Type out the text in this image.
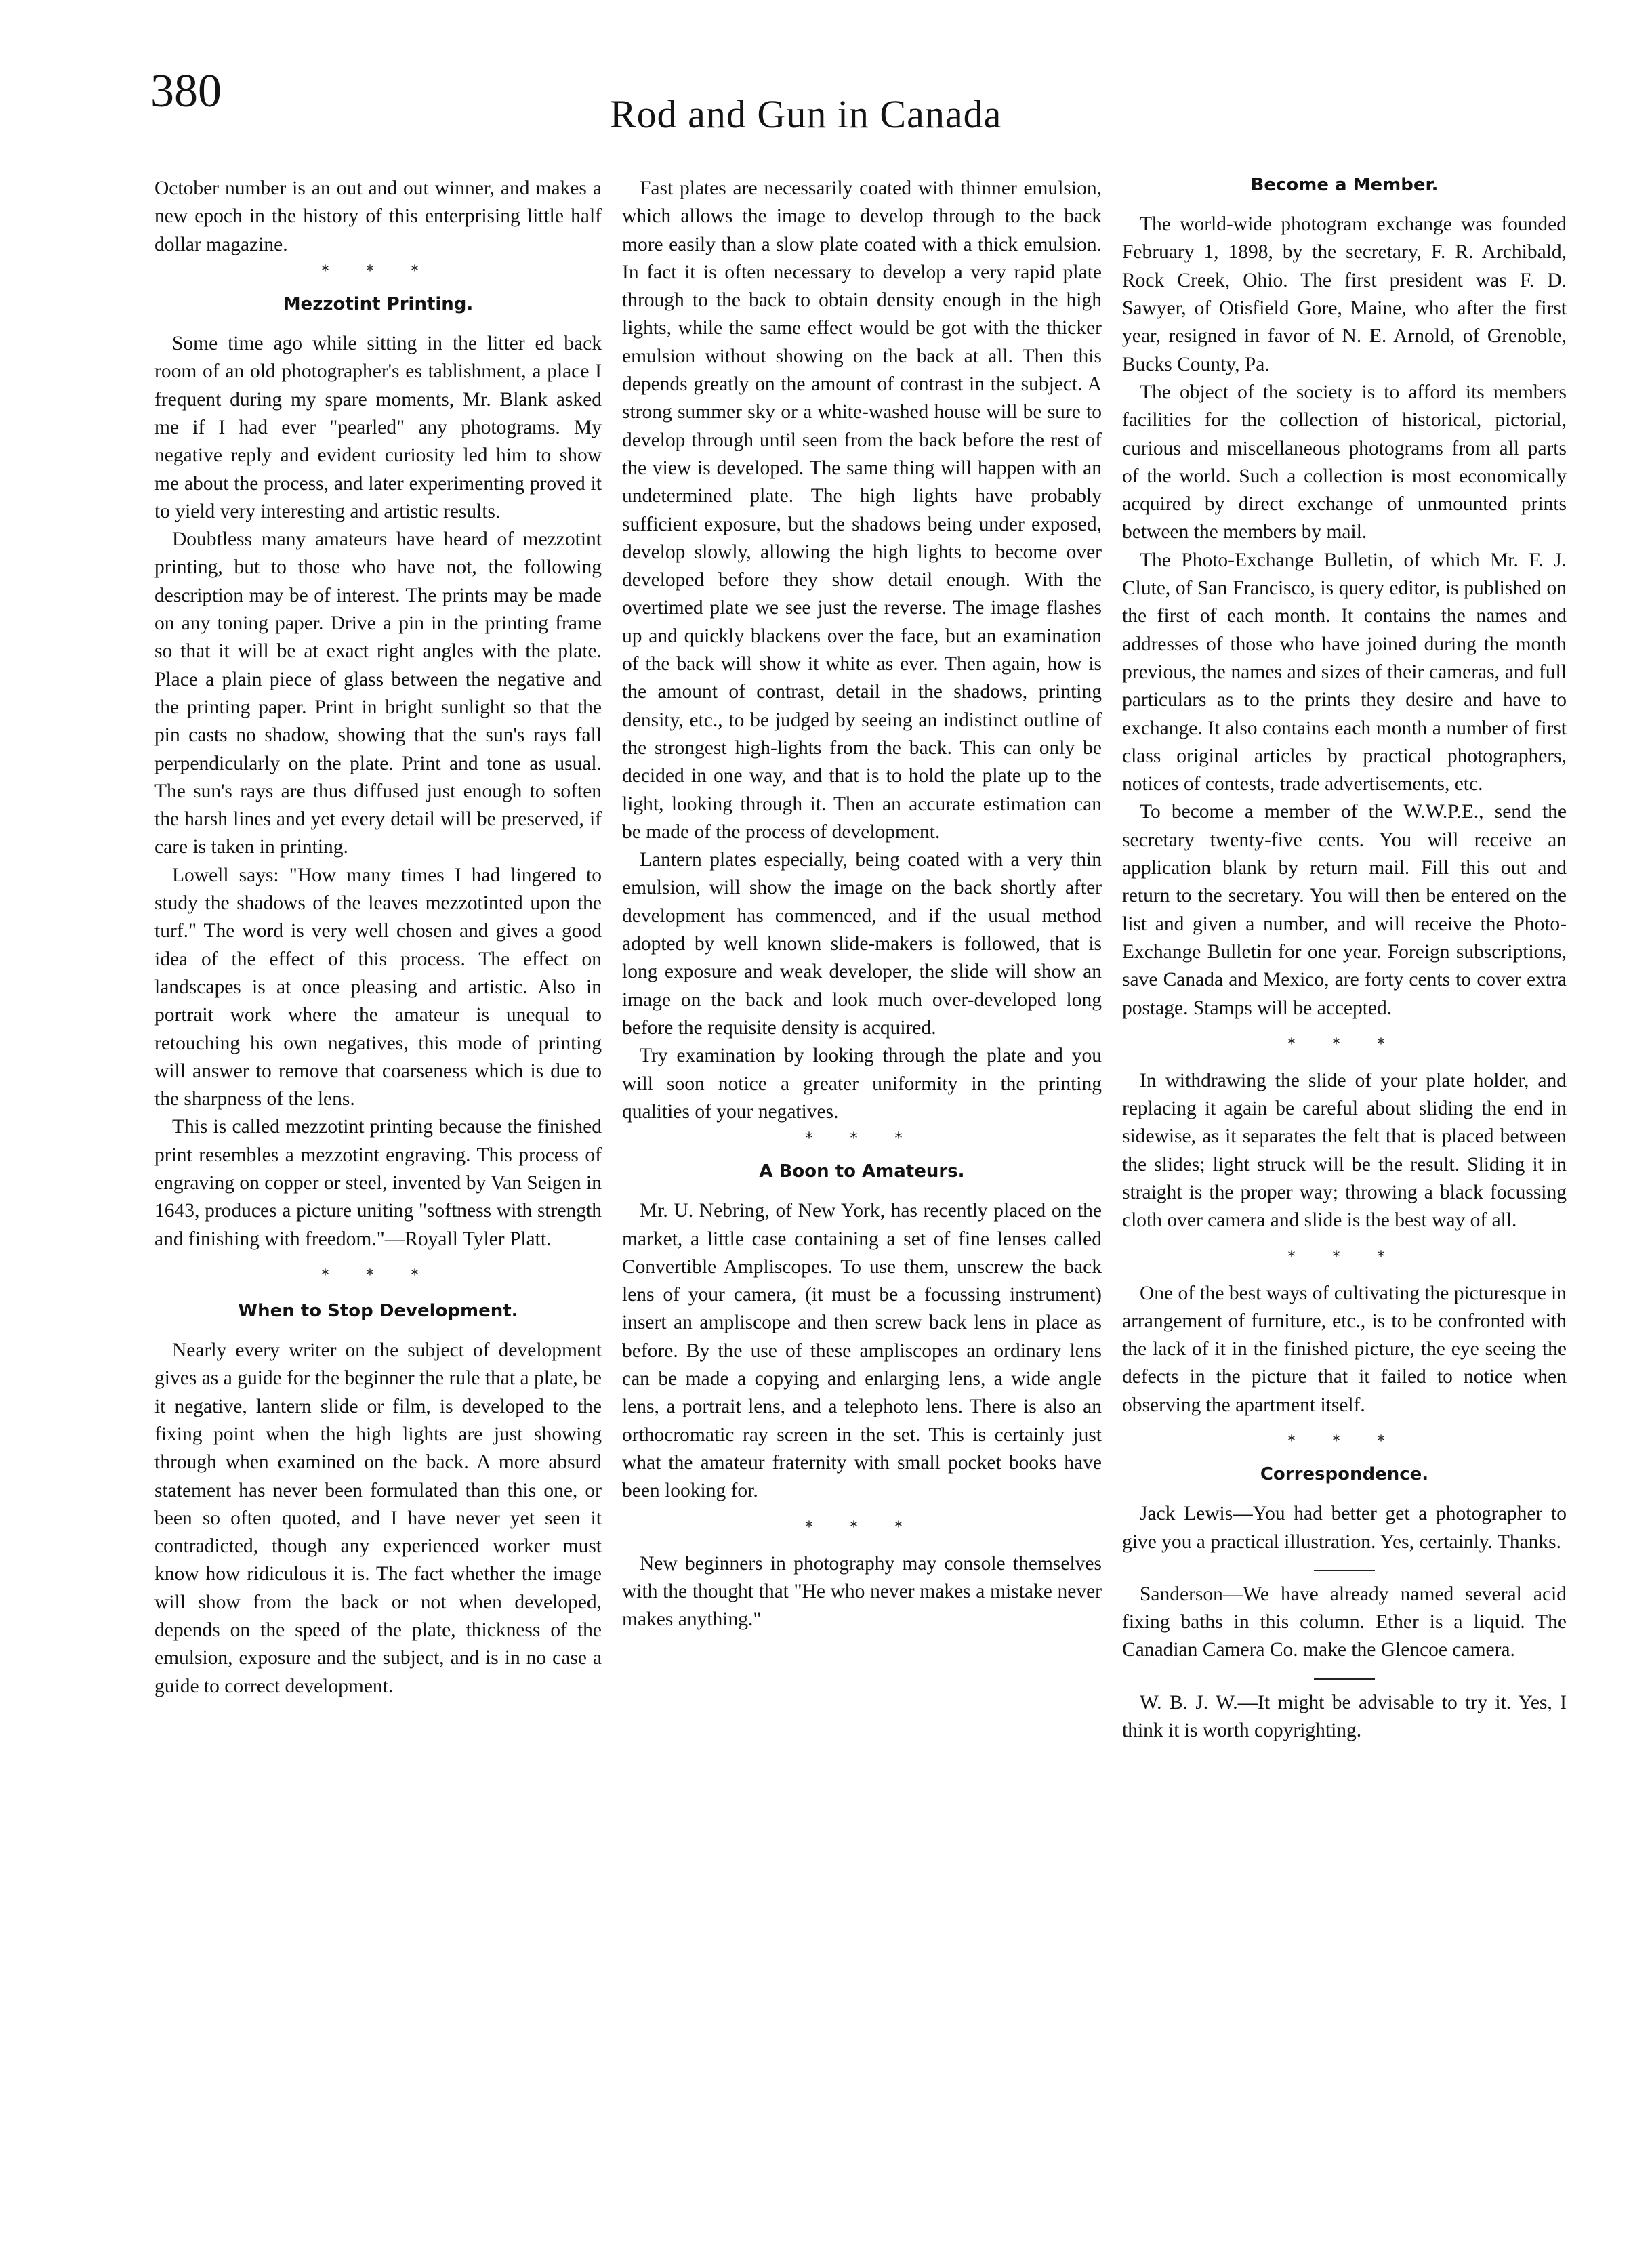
380	Rod and Gun in Canada

October number is an out and out winner, and makes a new epoch in the history of this enterprising little half dollar magazine.

* * *
Mezzotint Printing.

Some time ago while sitting in the litter ed back room of an old photographer's es tablishment, a place I frequent during my spare moments, Mr. Blank asked me if I had ever "pearled" any photograms. My negative reply and evident curiosity led him to show me about the process, and later experimenting proved it to yield very interesting and artistic results.

Doubtless many amateurs have heard of mezzotint printing, but to those who have not, the following description may be of interest. The prints may be made on any toning paper. Drive a pin in the printing frame so that it will be at exact right angles with the plate. Place a plain piece of glass between the negative and the printing paper. Print in bright sunlight so that the pin casts no shadow, showing that the sun's rays fall perpendicularly on the plate. Print and tone as usual. The sun's rays are thus diffused just enough to soften the harsh lines and yet every detail will be preserved, if care is taken in printing.

Lowell says: "How many times I had lingered to study the shadows of the leaves mezzotinted upon the turf." The word is very well chosen and gives a good idea of the effect of this process. The effect on landscapes is at once pleasing and artistic. Also in portrait work where the amateur is unequal to retouching his own negatives, this mode of printing will answer to remove that coarseness which is due to the sharpness of the lens.

This is called mezzotint printing because the finished print resembles a mezzotint engraving. This process of engraving on copper or steel, invented by Van Seigen in 1643, produces a picture uniting "softness with strength and finishing with freedom."—Royall Tyler Platt.

* * *
When to Stop Development.

Nearly every writer on the subject of development gives as a guide for the beginner the rule that a plate, be it negative, lantern slide or film, is developed to the fixing point when the high lights are just showing through when examined on the back. A more absurd statement has never been formulated than this one, or been so often quoted, and I have never yet seen it contradicted, though any experienced worker must know how ridiculous it is. The fact whether the image will show from the back or not when developed, depends on the speed of the plate, thickness of the emulsion, exposure and the subject, and is in no case a guide to correct development.

Fast plates are necessarily coated with thinner emulsion, which allows the image to develop through to the back more easily than a slow plate coated with a thick emulsion. In fact it is often necessary to develop a very rapid plate through to the back to obtain density enough in the high lights, while the same effect would be got with the thicker emulsion without showing on the back at all. Then this depends greatly on the amount of contrast in the subject. A strong summer sky or a white-washed house will be sure to develop through until seen from the back before the rest of the view is developed. The same thing will happen with an undetermined plate. The high lights have probably sufficient exposure, but the shadows being under exposed, develop slowly, allowing the high lights to become over developed before they show detail enough. With the overtimed plate we see just the reverse. The image flashes up and quickly blackens over the face, but an examination of the back will show it white as ever. Then again, how is the amount of contrast, detail in the shadows, printing density, etc., to be judged by seeing an indistinct outline of the strongest high-lights from the back. This can only be decided in one way, and that is to hold the plate up to the light, looking through it. Then an accurate estimation can be made of the process of development.

Lantern plates especially, being coated with a very thin emulsion, will show the image on the back shortly after development has commenced, and if the usual method adopted by well known slide-makers is followed, that is long exposure and weak developer, the slide will show an image on the back and look much over-developed long before the requisite density is acquired.

Try examination by looking through the plate and you will soon notice a greater uniformity in the printing qualities of your negatives.

* * *
A Boon to Amateurs.

Mr. U. Nebring, of New York, has recently placed on the market, a little case containing a set of fine lenses called Convertible Ampliscopes. To use them, unscrew the back lens of your camera, (it must be a focussing instrument) insert an ampliscope and then screw back lens in place as before. By the use of these ampliscopes an ordinary lens can be made a copying and enlarging lens, a wide angle lens, a portrait lens, and a telephoto lens. There is also an orthocromatic ray screen in the set. This is certainly just what the amateur fraternity with small pocket books have been looking for.

* * *

New beginners in photography may console themselves with the thought that "He who never makes a mistake never makes anything."

Become a Member.

The world-wide photogram exchange was founded February 1, 1898, by the secretary, F. R. Archibald, Rock Creek, Ohio. The first president was F. D. Sawyer, of Otisfield Gore, Maine, who after the first year, resigned in favor of N. E. Arnold, of Grenoble, Bucks County, Pa.

The object of the society is to afford its members facilities for the collection of historical, pictorial, curious and miscellaneous photograms from all parts of the world. Such a collection is most economically acquired by direct exchange of unmounted prints between the members by mail.

The Photo-Exchange Bulletin, of which Mr. F. J. Clute, of San Francisco, is query editor, is published on the first of each month. It contains the names and addresses of those who have joined during the month previous, the names and sizes of their cameras, and full particulars as to the prints they desire and have to exchange. It also contains each month a number of first class original articles by practical photographers, notices of contests, trade advertisements, etc.

To become a member of the W.W.P.E., send the secretary twenty-five cents. You will receive an application blank by return mail. Fill this out and return to the secretary. You will then be entered on the list and given a number, and will receive the Photo-Exchange Bulletin for one year. Foreign subscriptions, save Canada and Mexico, are forty cents to cover extra postage. Stamps will be accepted.

* * *

In withdrawing the slide of your plate holder, and replacing it again be careful about sliding the end in sidewise, as it separates the felt that is placed between the slides; light struck will be the result. Sliding it in straight is the proper way; throwing a black focussing cloth over camera and slide is the best way of all.

* * *

One of the best ways of cultivating the picturesque in arrangement of furniture, etc., is to be confronted with the lack of it in the finished picture, the eye seeing the defects in the picture that it failed to notice when observing the apartment itself.

* * *
Correspondence.

Jack Lewis—You had better get a photographer to give you a practical illustration. Yes, certainly. Thanks.

Sanderson—We have already named several acid fixing baths in this column. Ether is a liquid. The Canadian Camera Co. make the Glencoe camera.

W. B. J. W.—It might be advisable to try it. Yes, I think it is worth copyrighting.
